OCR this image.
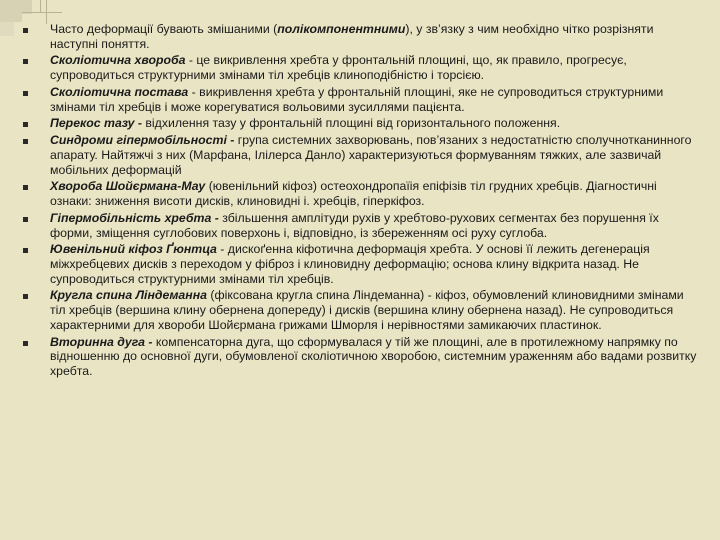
Часто деформації бувають змішаними (полікомпонентними), у зв’язку з чим необхідно чітко розрізняти наступні поняття.
Сколіотична хвороба - це викривлення хребта у фронтальній площині, що, як правило, прогресує, супроводиться структурними змінами тіл хребців клиноподібністю і торсією.
Сколіотична постава - викривлення хребта у фронтальній площині, яке не супроводиться структурними змінами тіл хребців і може корегуватися вольовими зусиллями пацієнта.
Перекос тазу - відхилення тазу у фронтальній площині від горизонтального положення.
Синдроми гіпермобільності - група системних захворювань, пов’язаних з недостатністю сполучнотканинного апарату. Найтяжчі з них (Марфана, Ілілерса Данло) характеризуються формуванням тяжких, але зазвичай мобільних деформацій
Хвороба Шойєрмана-Мау (ювенільний кіфоз) остеохондропаїія епіфізів тіл грудних хребців. Діагностичні ознаки: зниження висоти дисків, клиновидні і. хребців, гіперкіфоз.
Гіпермобільність хребта - збільшення амплітуди рухів у хребтово-рухових сегментах без порушення їх форми, зміщення суглобових поверхонь і, відповідно, із збереженням осі руху суглоба.
Ювенільний кіфоз Ґюнтца - дискоґенна кіфотична деформація хребта. У основі її лежить дегенерація міжхребцевих дисків з переходом у фіброз і клиновидну деформацію; основа клину відкрита назад. Не супроводиться структурними змінами тіл хребців.
Кругла спина Ліндеманна (фіксована кругла спина Ліндеманна) - кіфоз, обумовлений клиновидними змінами тіл хребців (вершина клину обернена допереду) і дисків (вершина клину обернена назад). Не супроводиться характерними для хвороби Шойєрмана грижами Шморля і нерівностями замикаючих пластинок.
Вторинна дуга - компенсаторна дуга, що сформувалася у тій же площині, але в протилежному напрямку по відношенню до основної дуги, обумовленої сколіотичною хворобою, системним ураженням або вадами розвитку хребта.
